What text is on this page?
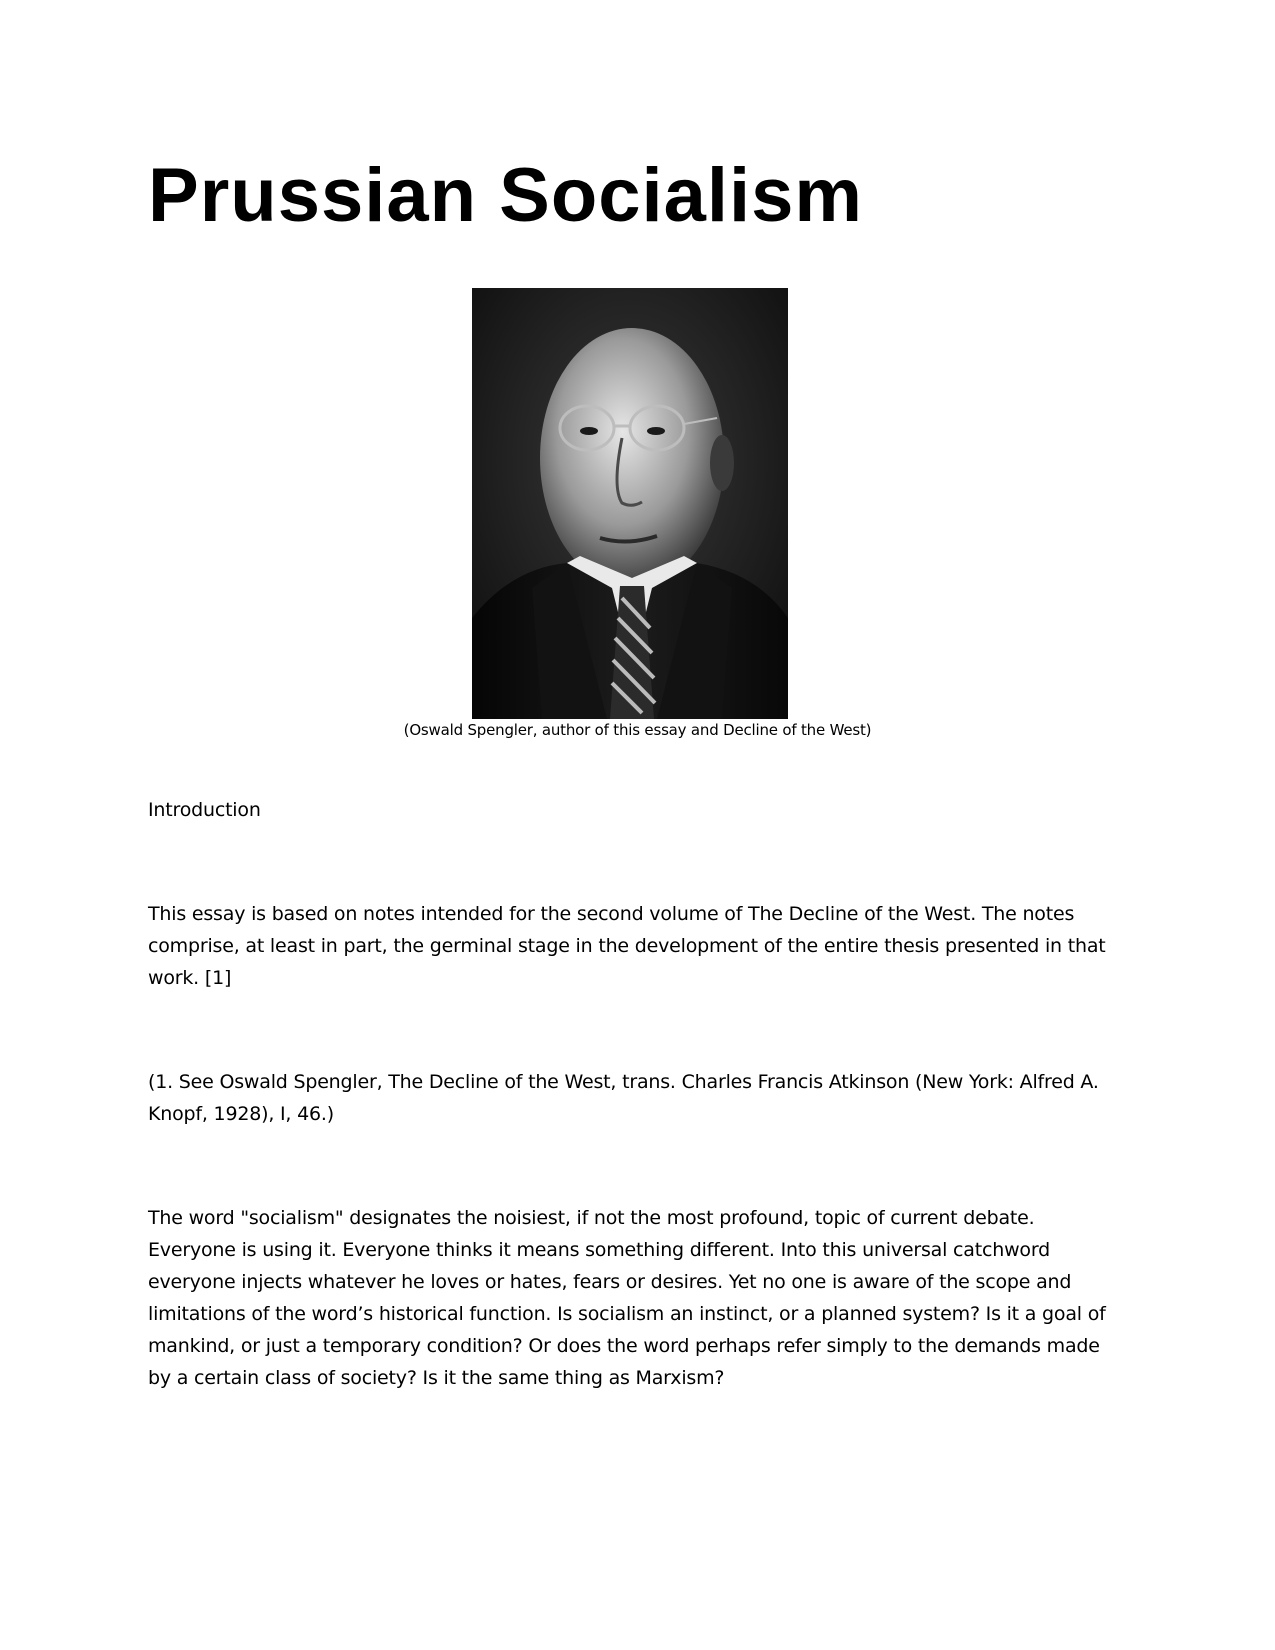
Prussian Socialism
(Oswald Spengler, author of this essay and Decline of the West)

Introduction

This essay is based on notes intended for the second volume of The Decline of the West. The notes comprise, at least in part, the germinal stage in the development of the entire thesis presented in that work. [1]

(1. See Oswald Spengler, The Decline of the West, trans. Charles Francis Atkinson (New York: Alfred A. Knopf, 1928), I, 46.)

The word "socialism" designates the noisiest, if not the most profound, topic of current debate. Everyone is using it. Everyone thinks it means something different. Into this universal catchword everyone injects whatever he loves or hates, fears or desires. Yet no one is aware of the scope and limitations of the word’s historical function. Is socialism an instinct, or a planned system? Is it a goal of mankind, or just a temporary condition? Or does the word perhaps refer simply to the demands made by a certain class of society? Is it the same thing as Marxism?
